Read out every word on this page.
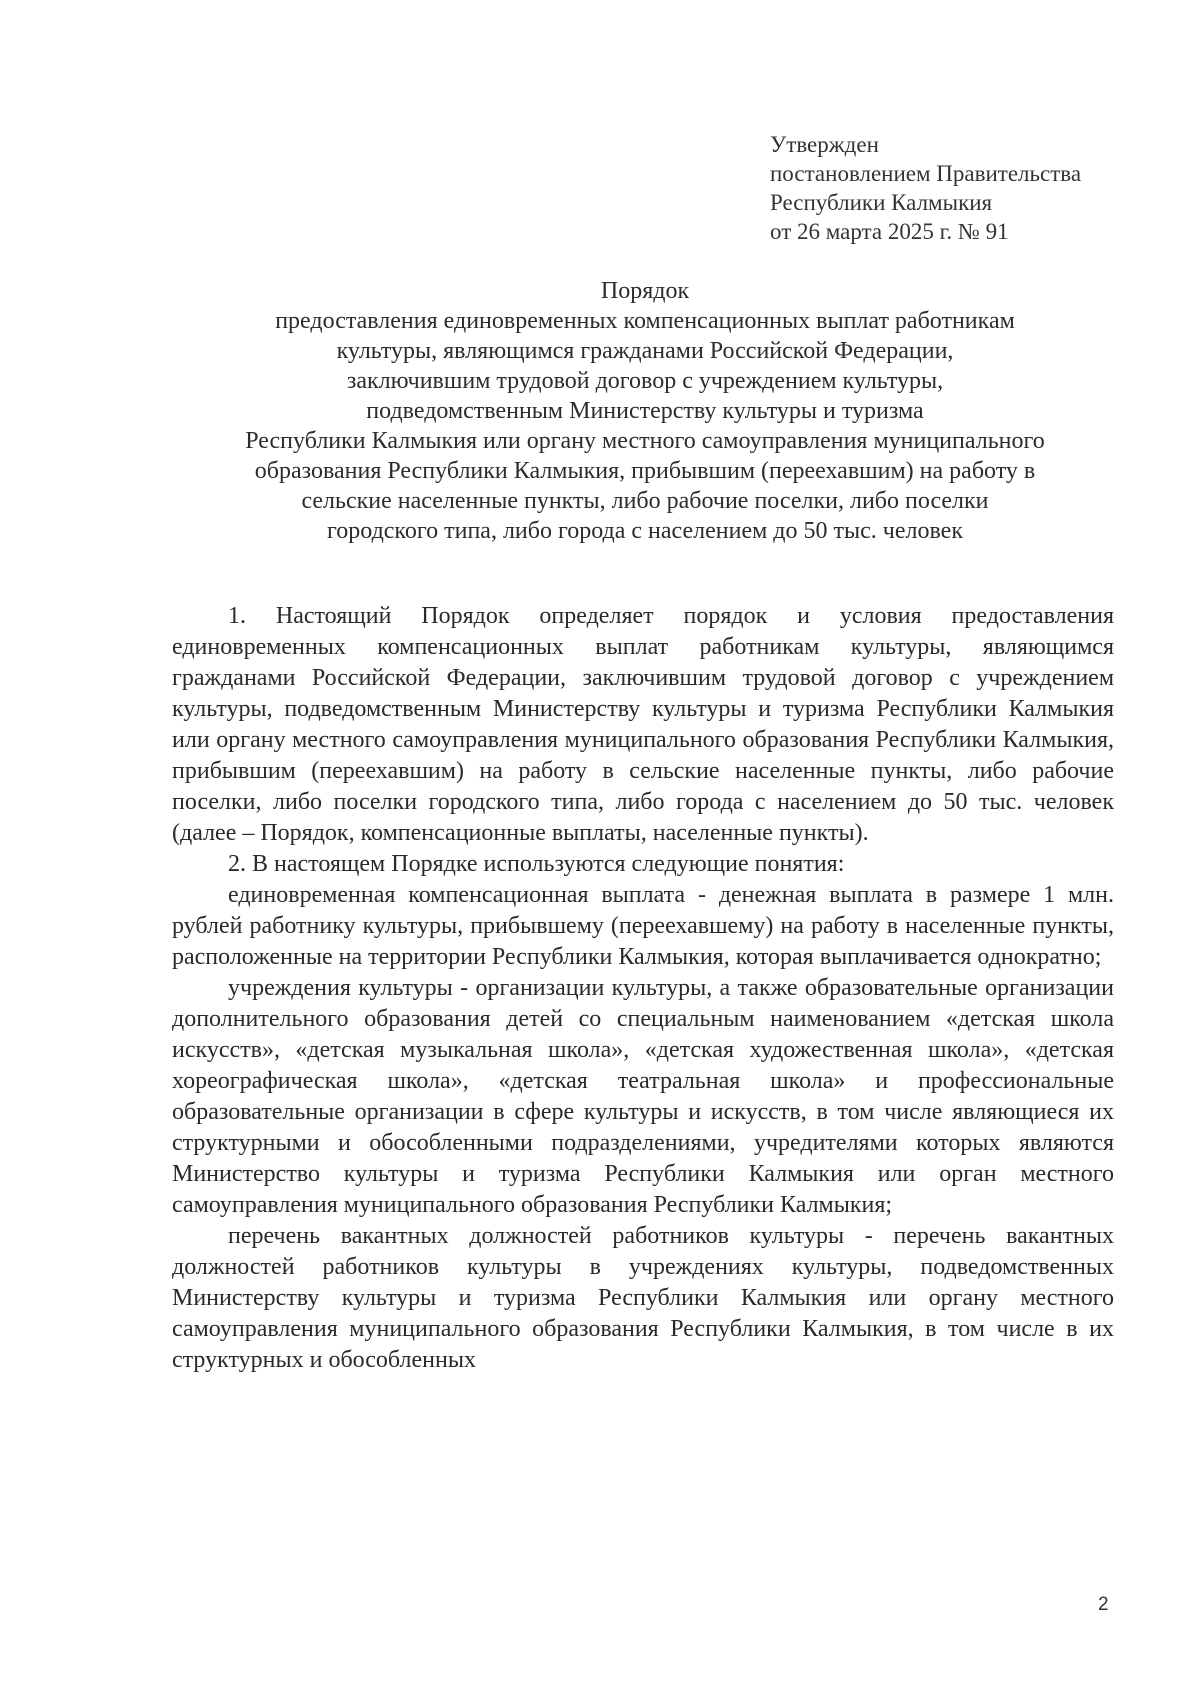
Утвержден
постановлением Правительства
Республики Калмыкия
от 26 марта 2025 г. № 91
Порядок
предоставления единовременных компенсационных выплат работникам
культуры, являющимся гражданами Российской Федерации,
заключившим трудовой договор с учреждением культуры,
подведомственным Министерству культуры и туризма
Республики Калмыкия или органу местного самоуправления муниципального
образования Республики Калмыкия, прибывшим (переехавшим) на работу в
сельские населенные пункты, либо рабочие поселки, либо поселки
городского типа, либо города с населением до 50 тыс. человек

1. Настоящий Порядок определяет порядок и условия предоставления единовременных компенсационных выплат работникам культуры, являющимся гражданами Российской Федерации, заключившим трудовой договор с учреждением культуры, подведомственным Министерству культуры и туризма Республики Калмыкия или органу местного самоуправления муниципального образования Республики Калмыкия, прибывшим (переехавшим) на работу в сельские населенные пункты, либо рабочие поселки, либо поселки городского типа, либо города с населением до 50 тыс. человек (далее – Порядок, компенсационные выплаты, населенные пункты).

2. В настоящем Порядке используются следующие понятия:

единовременная компенсационная выплата - денежная выплата в размере 1 млн. рублей работнику культуры, прибывшему (переехавшему) на работу в населенные пункты, расположенные на территории Республики Калмыкия, которая выплачивается однократно;

учреждения культуры - организации культуры, а также образовательные организации дополнительного образования детей со специальным наименованием «детская школа искусств», «детская музыкальная школа», «детская художественная школа», «детская хореографическая школа», «детская театральная школа» и профессиональные образовательные организации в сфере культуры и искусств, в том числе являющиеся их структурными и обособленными подразделениями, учредителями которых являются Министерство культуры и туризма Республики Калмыкия или орган местного самоуправления муниципального образования Республики Калмыкия;

перечень вакантных должностей работников культуры - перечень вакантных должностей работников культуры в учреждениях культуры, подведомственных Министерству культуры и туризма Республики Калмыкия или органу местного самоуправления муниципального образования Республики Калмыкия, в том числе в их структурных и обособленных

2
